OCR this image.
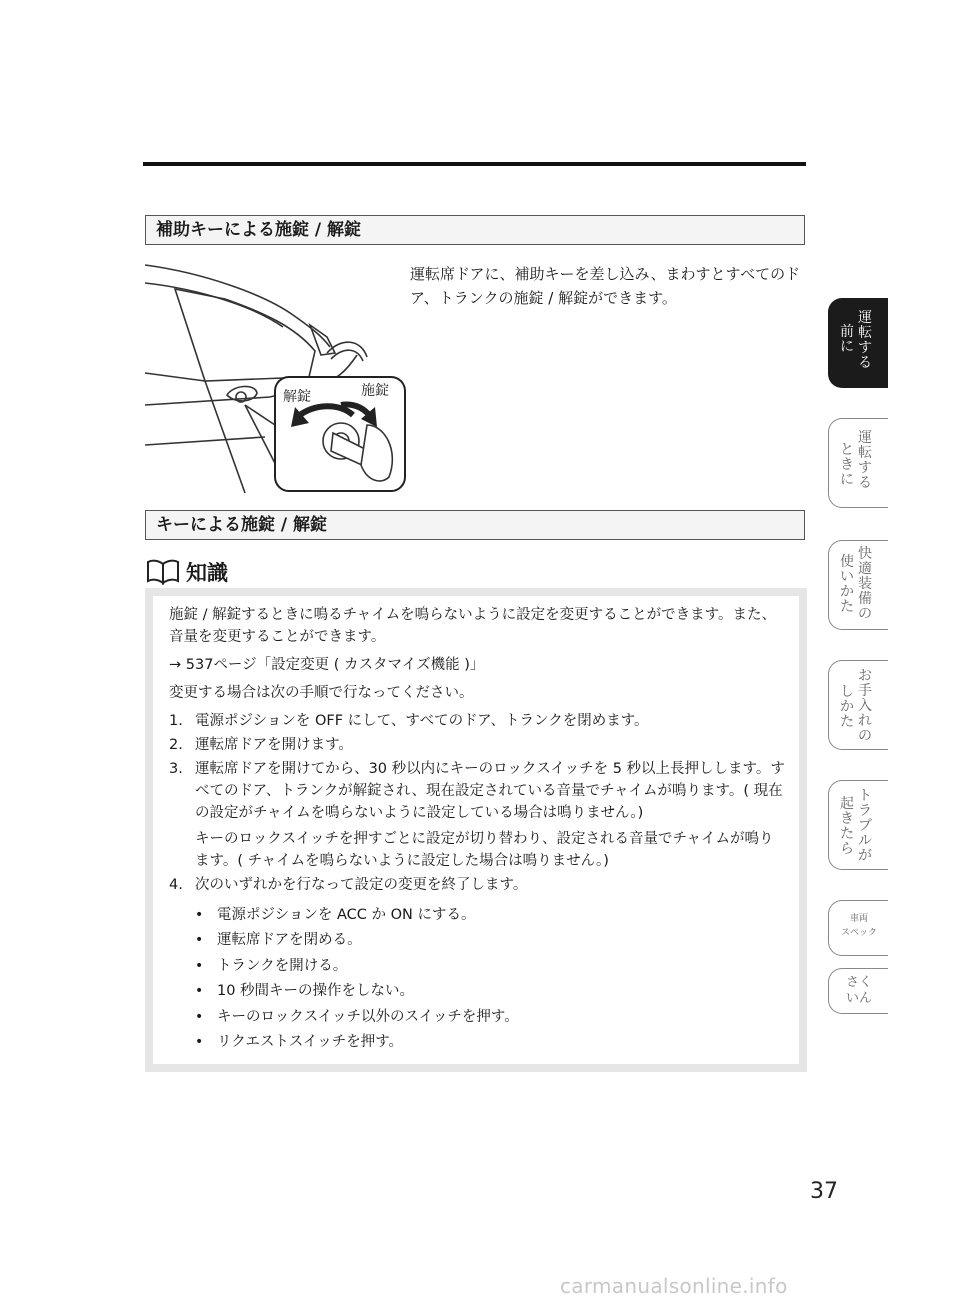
補助キーによる施錠 / 解錠
解錠	施錠
運転席ドアに、補助キーを差し込み、まわすとすべてのドア、トランクの施錠 / 解錠ができます。
キーによる施錠 / 解錠
知識

施錠 / 解錠するときに鳴るチャイムを鳴らないように設定を変更することができます。また、音量を変更することができます。

→ 537ページ「設定変更 ( カスタマイズ機能 )」

変更する場合は次の手順で行なってください。

1. 電源ポジションを OFF にして、すべてのドア、トランクを閉めます。
2. 運転席ドアを開けます。
3. 運転席ドアを開けてから、30 秒以内にキーのロックスイッチを 5 秒以上長押しします。すべてのドア、トランクが解錠され、現在設定されている音量でチャイムが鳴ります。( 現在の設定がチャイムを鳴らないように設定している場合は鳴りません。)
キーのロックスイッチを押すごとに設定が切り替わり、設定される音量でチャイムが鳴ります。( チャイムを鳴らないように設定した場合は鳴りません。)
4. 次のいずれかを行なって設定の変更を終了します。
• 電源ポジションを ACC か ON にする。
• 運転席ドアを閉める。
• トランクを開ける。
• 10 秒間キーの操作をしない。
• キーのロックスイッチ以外のスイッチを押す。
• リクエストスイッチを押す。
前に
運転する
ときに
運転する
使いかた
快適装備の
しかた
お手入れの
起きたら
トラブルが
車両
スペック
さく
いん
37
carmanualsonline.info
